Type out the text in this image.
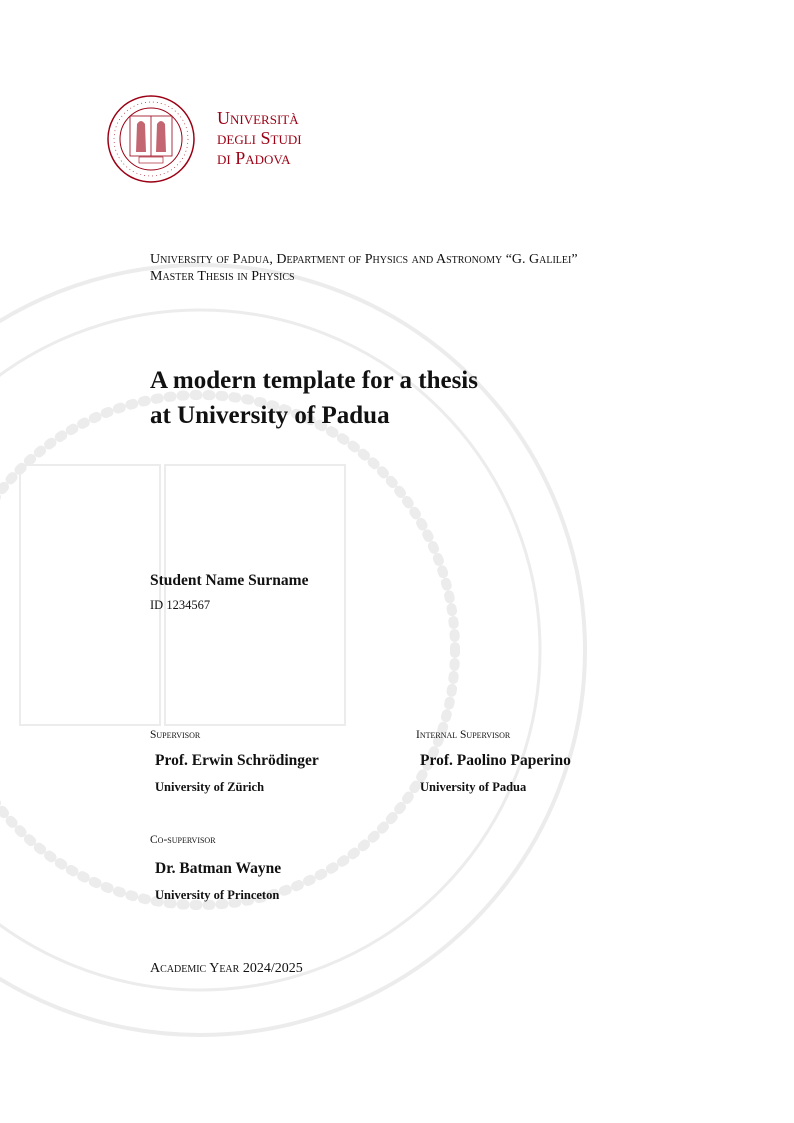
Università
degli Studi
di Padova
University of Padua, Department of Physics and Astronomy “G. Galilei”
Master Thesis in Physics
A modern template for a thesis
at University of Padua
Student Name Surname
ID 1234567
Supervisor
Prof. Erwin Schrödinger
University of Zürich
Internal Supervisor
Prof. Paolino Paperino
University of Padua
Co-supervisor
Dr. Batman Wayne
University of Princeton
Academic Year 2024/2025
